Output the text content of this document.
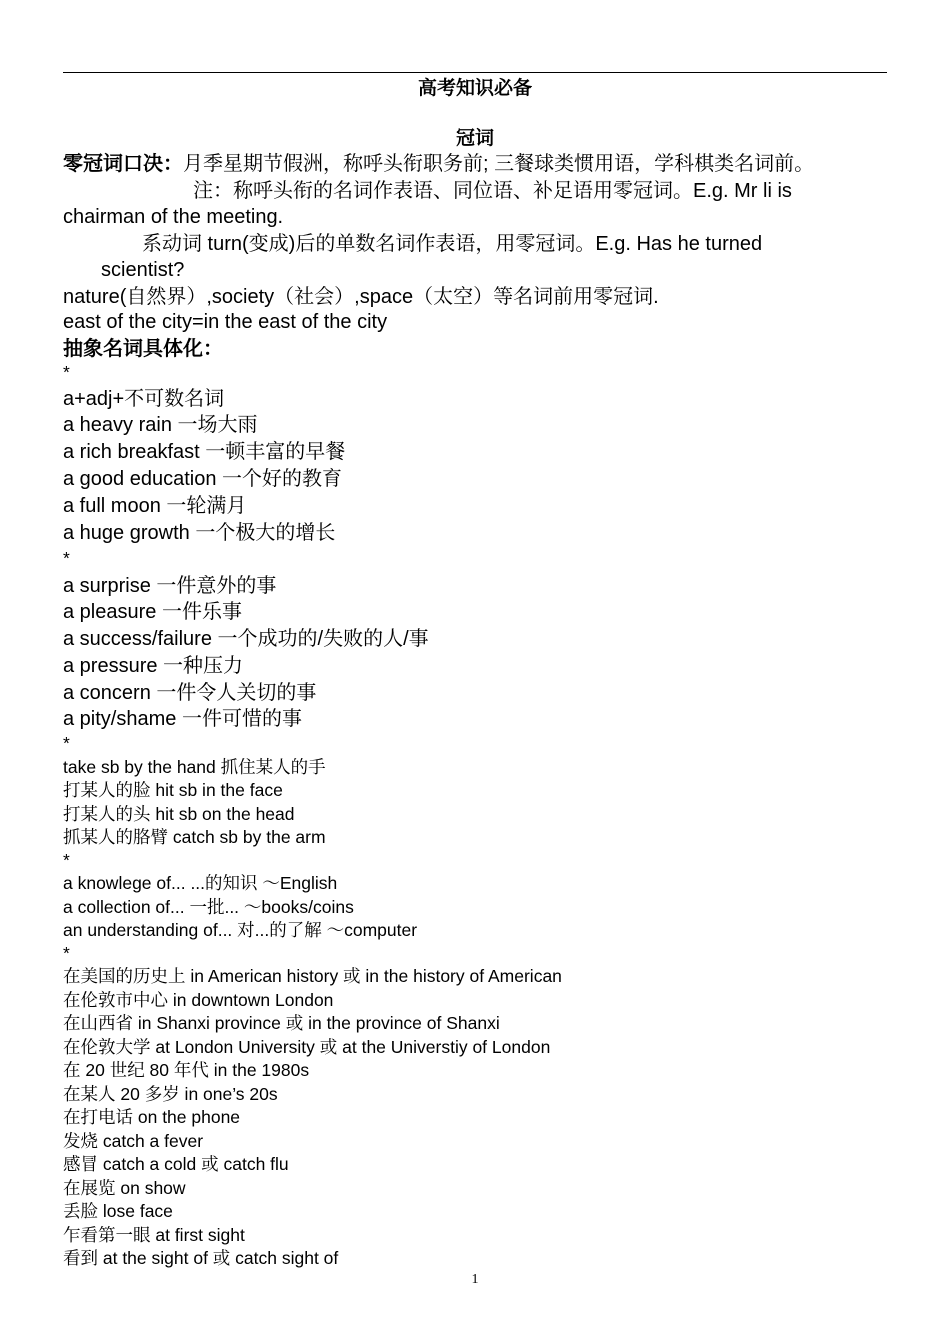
高考知识必备
冠词
零冠词口决：月季星期节假洲，称呼头衔职务前; 三餐球类惯用语，学科棋类名词前。
注：称呼头衔的名词作表语、同位语、补足语用零冠词。E.g. Mr li is
chairman of the meeting.
系动词 turn(变成)后的单数名词作表语，用零冠词。E.g. Has he turned
scientist?
nature(自然界）,society（社会）,space（太空）等名词前用零冠词.
east of the city=in the east of the city
抽象名词具体化：
*
a+adj+不可数名词
a heavy rain 一场大雨
a rich breakfast 一顿丰富的早餐
a good education 一个好的教育
a full moon 一轮满月
a huge growth 一个极大的增长
*
a surprise 一件意外的事
a pleasure 一件乐事
a success/failure 一个成功的/失败的人/事
a pressure 一种压力
a concern 一件令人关切的事
a pity/shame 一件可惜的事
*
take sb by the hand 抓住某人的手
打某人的脸 hit sb in the face
打某人的头 hit sb on the head
抓某人的胳臂 catch sb by the arm
*
a knowlege of... ...的知识 ～English
a collection of... 一批... ～books/coins
an understanding of... 对...的了解 ～computer
*
在美国的历史上 in American history 或 in the history of American
在伦敦市中心 in downtown London
在山西省 in Shanxi province 或 in the province of Shanxi
在伦敦大学 at London University 或 at the Universtiy of London
在 20 世纪 80 年代 in the 1980s
在某人 20 多岁 in one’s 20s
在打电话 on the phone
发烧 catch a fever
感冒 catch a cold 或 catch flu
在展览 on show
丢脸 lose face
乍看第一眼 at first sight
看到 at the sight of 或 catch sight of
1
